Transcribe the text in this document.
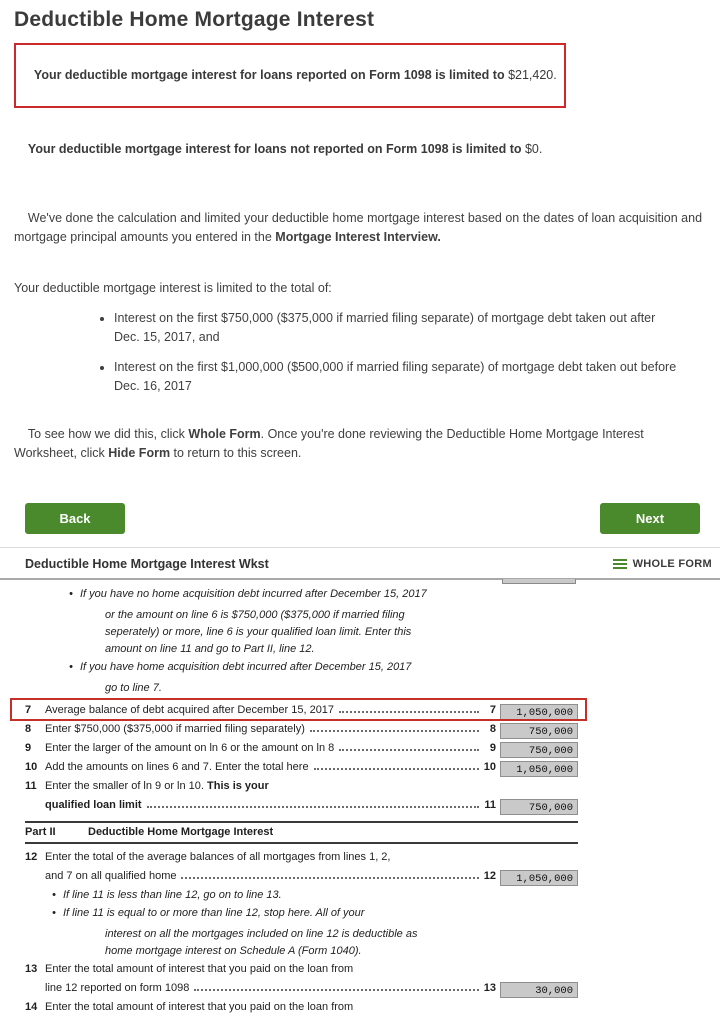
Deductible Home Mortgage Interest

Your deductible mortgage interest for loans reported on Form 1098 is limited to $21,420.

Your deductible mortgage interest for loans not reported on Form 1098 is limited to $0.

We've done the calculation and limited your deductible home mortgage interest based on the dates of loan acquisition and mortgage principal amounts you entered in the Mortgage Interest Interview.

Your deductible mortgage interest is limited to the total of:

• Interest on the first $750,000 ($375,000 if married filing separate) of mortgage debt taken out after Dec. 15, 2017, and
• Interest on the first $1,000,000 ($500,000 if married filing separate) of mortgage debt taken out before Dec. 16, 2017

To see how we did this, click Whole Form. Once you're done reviewing the Deductible Home Mortgage Interest Worksheet, click Hide Form to return to this screen.

Back	Next
Deductible Home Mortgage Interest Wkst	WHOLE FORM
• If you have no home acquisition debt incurred after December 15, 2017
or the amount on line 6 is $750,000 ($375,000 if married filing
seperately) or more, line 6 is your qualified loan limit. Enter this
amount on line 11 and go to Part II, line 12.
• If you have home acquisition debt incurred after December 15, 2017
go to line 7.
7	Average balance of debt acquired after December 15, 2017	7	1,050,000
8	Enter $750,000 ($375,000 if married filing separately)	8	750,000
9	Enter the larger of the amount on ln 6 or the amount on ln 8	9	750,000
10 Add the amounts on lines 6 and 7. Enter the total here	10	1,050,000
11 Enter the smaller of ln 9 or ln 10. This is your
qualified loan limit	11	750,000
Part II	Deductible Home Mortgage Interest
12 Enter the total of the average balances of all mortgages from lines 1, 2,
and 7 on all qualified home	12	1,050,000
• If line 11 is less than line 12, go on to line 13.
• If line 11 is equal to or more than line 12, stop here. All of your
interest on all the mortgages included on line 12 is deductible as
home mortgage interest on Schedule A (Form 1040).
13 Enter the total amount of interest that you paid on the loan from
line 12 reported on form 1098	13	30,000
14 Enter the total amount of interest that you paid on the loan from
